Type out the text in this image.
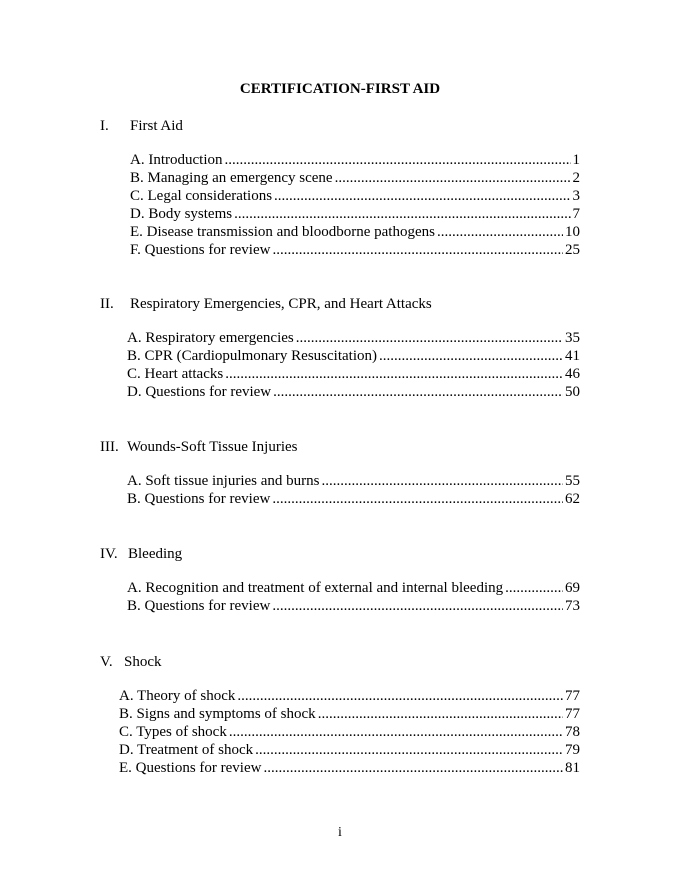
CERTIFICATION-FIRST AID
I. First Aid
A. Introduction .....	1
B. Managing an emergency scene .....	2
C. Legal considerations .....	3
D. Body systems .....	7
E. Disease transmission and bloodborne pathogens .....	10
F. Questions for review .....	25
II. Respiratory Emergencies, CPR, and Heart Attacks
A. Respiratory emergencies .....	35
B. CPR (Cardiopulmonary Resuscitation) .....	41
C. Heart attacks .....	46
D. Questions for review .....	50
III. Wounds-Soft Tissue Injuries
A. Soft tissue injuries and burns .....	55
B. Questions for review .....	62
IV. Bleeding
A. Recognition and treatment of external and internal bleeding .....	69
B. Questions for review .....	73
V. Shock
A. Theory of shock .....	77
B. Signs and symptoms of shock .....	77
C. Types of shock .....	78
D. Treatment of shock .....	79
E. Questions for review .....	81
i
